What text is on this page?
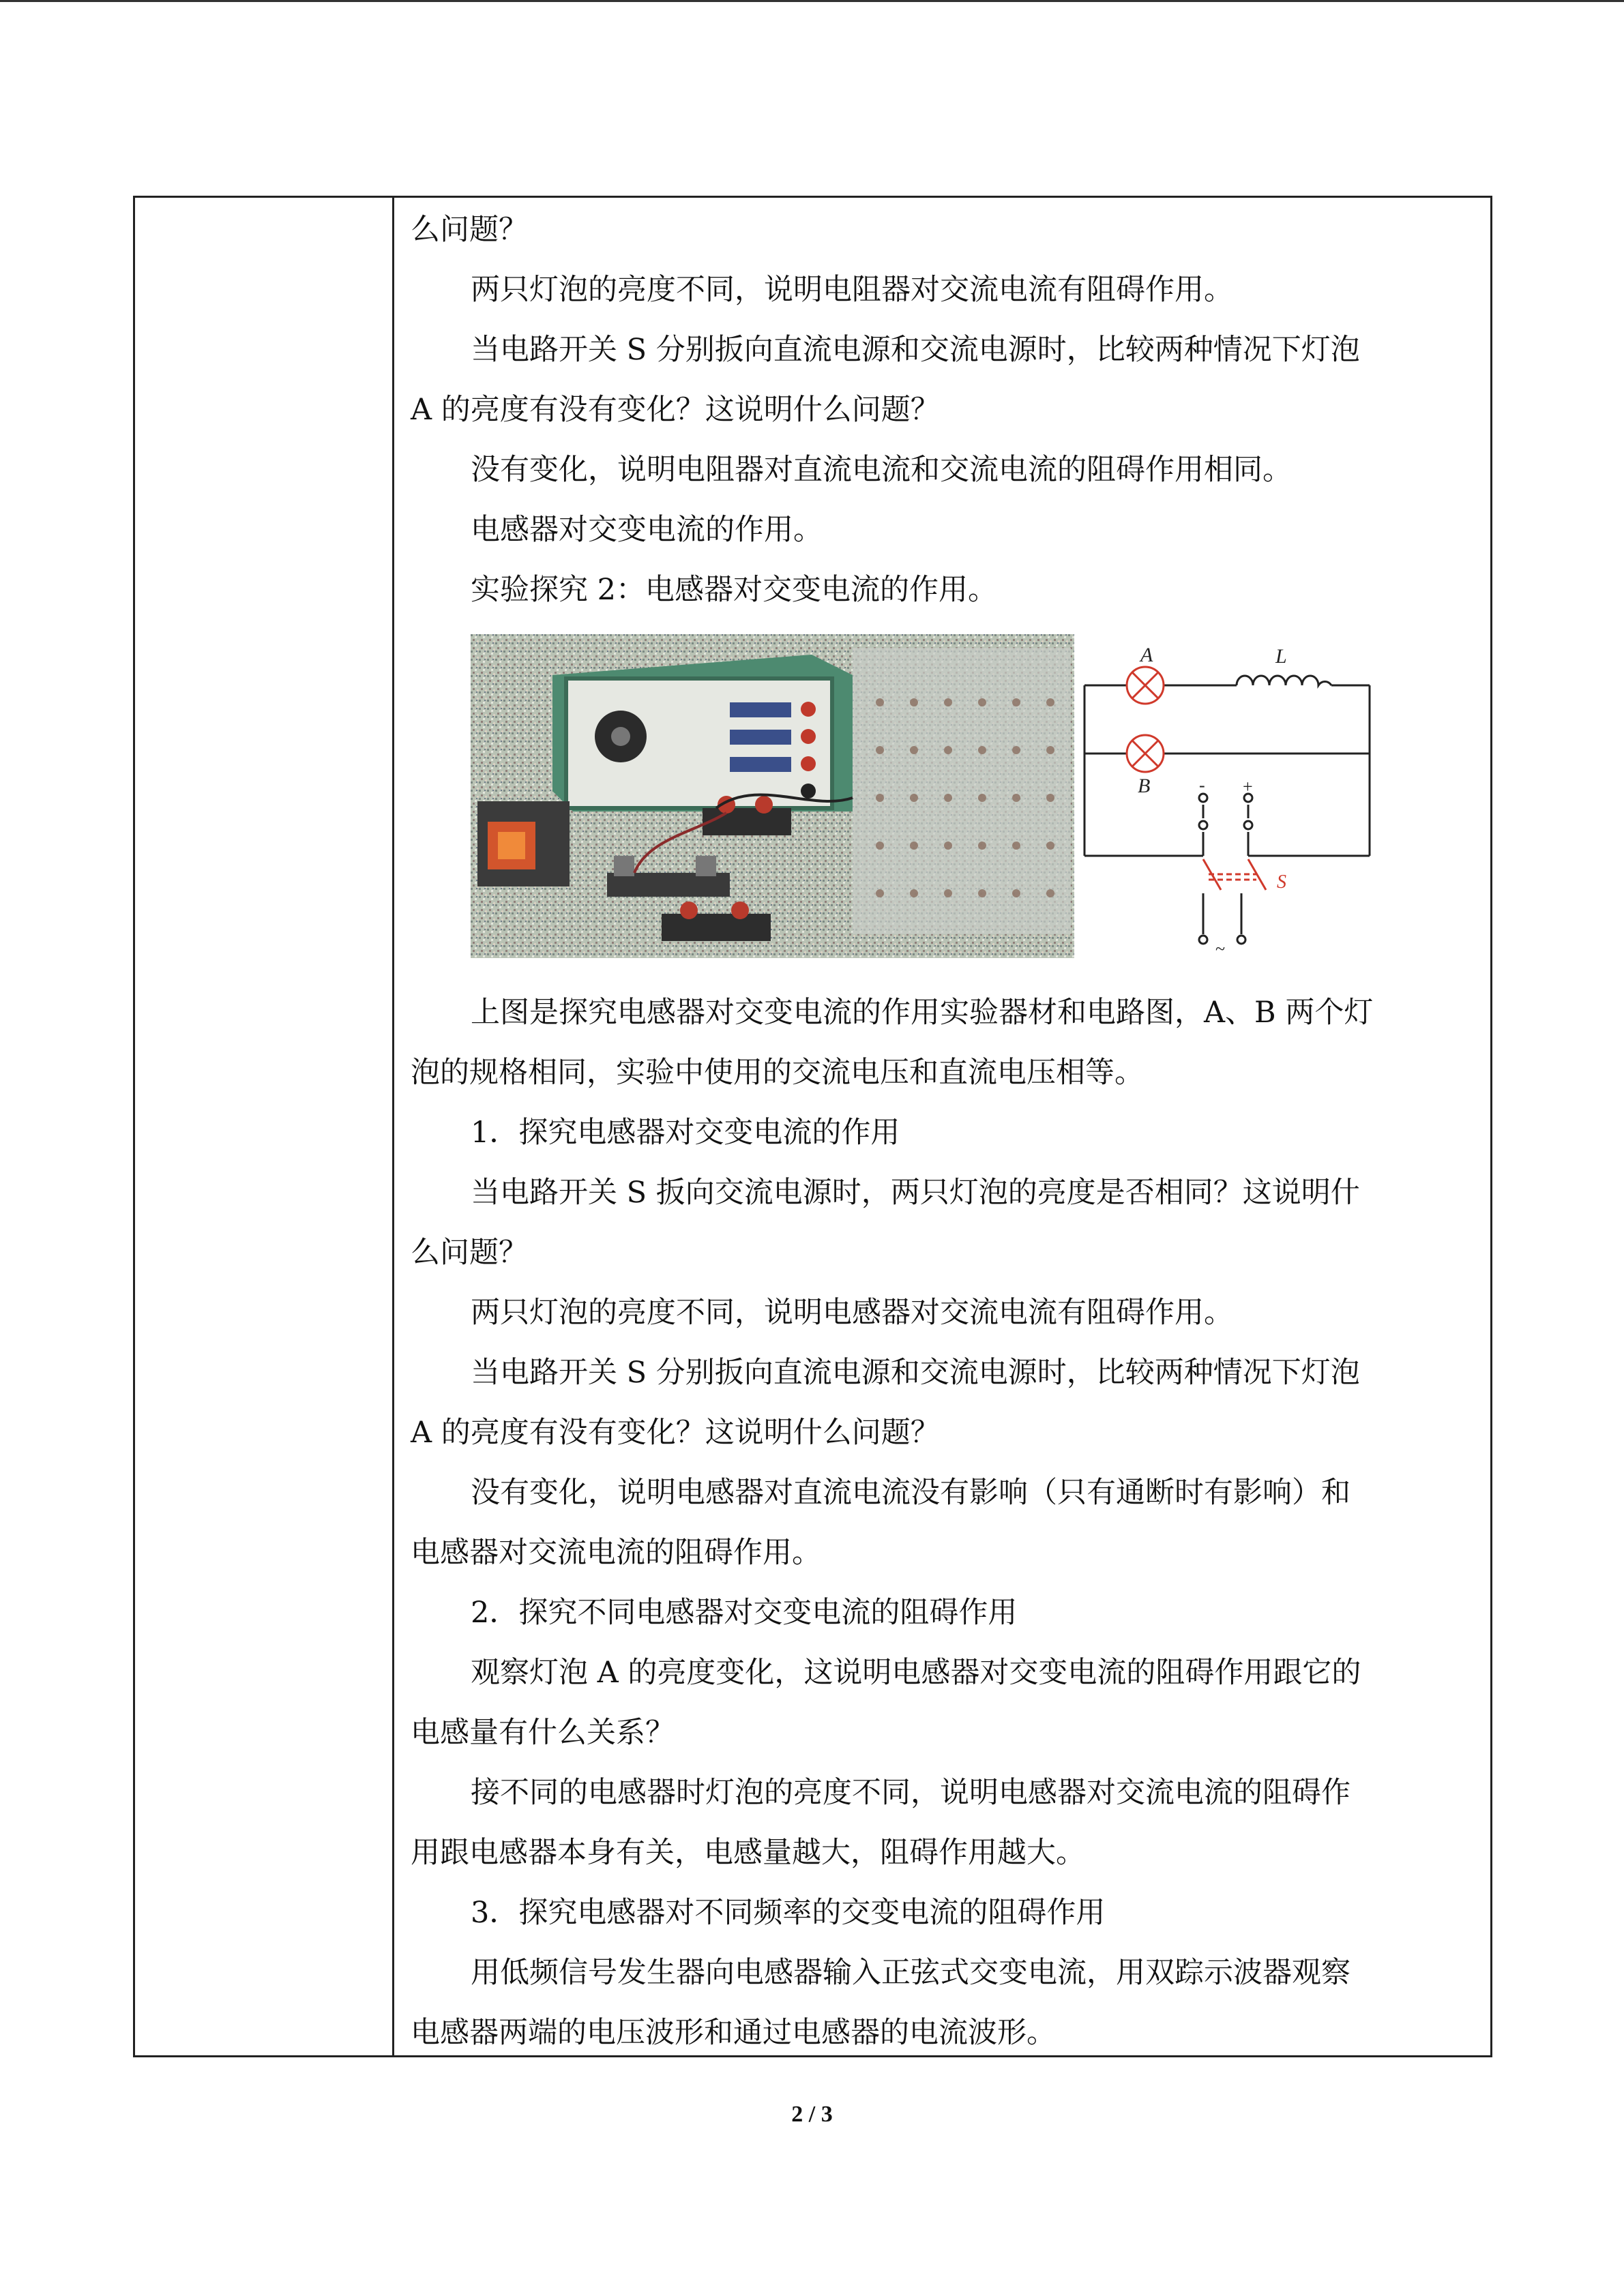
么问题？
两只灯泡的亮度不同，说明电阻器对交流电流有阻碍作用。
当电路开关 S 分别扳向直流电源和交流电源时，比较两种情况下灯泡
A 的亮度有没有变化？这说明什么问题？
没有变化，说明电阻器对直流电流和交流电流的阻碍作用相同。
电感器对交变电流的作用。
实验探究 2：电感器对交变电流的作用。
A
B
L
S
- +
~
上图是探究电感器对交变电流的作用实验器材和电路图，A、B 两个灯
泡的规格相同，实验中使用的交流电压和直流电压相等。
1．探究电感器对交变电流的作用
当电路开关 S 扳向交流电源时，两只灯泡的亮度是否相同？这说明什
么问题？
两只灯泡的亮度不同，说明电感器对交流电流有阻碍作用。
当电路开关 S 分别扳向直流电源和交流电源时，比较两种情况下灯泡
A 的亮度有没有变化？这说明什么问题？
没有变化，说明电感器对直流电流没有影响（只有通断时有影响）和
电感器对交流电流的阻碍作用。
2．探究不同电感器对交变电流的阻碍作用
观察灯泡 A 的亮度变化，这说明电感器对交变电流的阻碍作用跟它的
电感量有什么关系？
接不同的电感器时灯泡的亮度不同，说明电感器对交流电流的阻碍作
用跟电感器本身有关，电感量越大，阻碍作用越大。
3．探究电感器对不同频率的交变电流的阻碍作用
用低频信号发生器向电感器输入正弦式交变电流，用双踪示波器观察
电感器两端的电压波形和通过电感器的电流波形。
2 / 3
